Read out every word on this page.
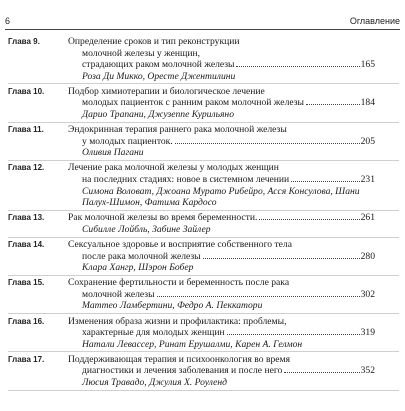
6	Оглавление
Глава 9.	Определение сроков и тип реконструкции
молочной железы у женщин,
страдающих раком молочной железы	165
Роза Ди Микко, Оресте Джентилини
Глава 10.	Подбор химиотерапии и биологическое лечение
молодых пациенток с ранним раком молочной железы	184
Дарио Трапани, Джузеппе Курильяно
Глава 11.	Эндокринная терапия раннего рака молочной железы
у молодых пациенток.	205
Оливия Пагани
Глава 12.	Лечение рака молочной железы у молодых женщин
на последних стадиях: новое в системном лечении	231
Симона Воловат, Джоана Мурато Рибейро, Асся Консулова, Шани Палух-Шимон, Фатима Кардосо
Глава 13.	Рак молочной железы во время беременности.	261
Сибилле Лойбль, Забине Зайлер
Глава 14.	Сексуальное здоровье и восприятие собственного тела
после рака молочной железы	280
Клара Хангр, Шэрон Бобер
Глава 15.	Сохранение фертильности и беременность после рака
молочной железы	302
Маттео Ламбертини, Федро А. Пеккатори
Глава 16.	Изменения образа жизни и профилактика: проблемы,
характерные для молодых женщин	319
Натали Левассер, Ринат Ерушалми, Карен А. Гелмон
Глава 17.	Поддерживающая терапия и психоонкология во время
диагностики и лечения заболевания и после него	352
Люсия Травадо, Джулия Х. Роуленд
